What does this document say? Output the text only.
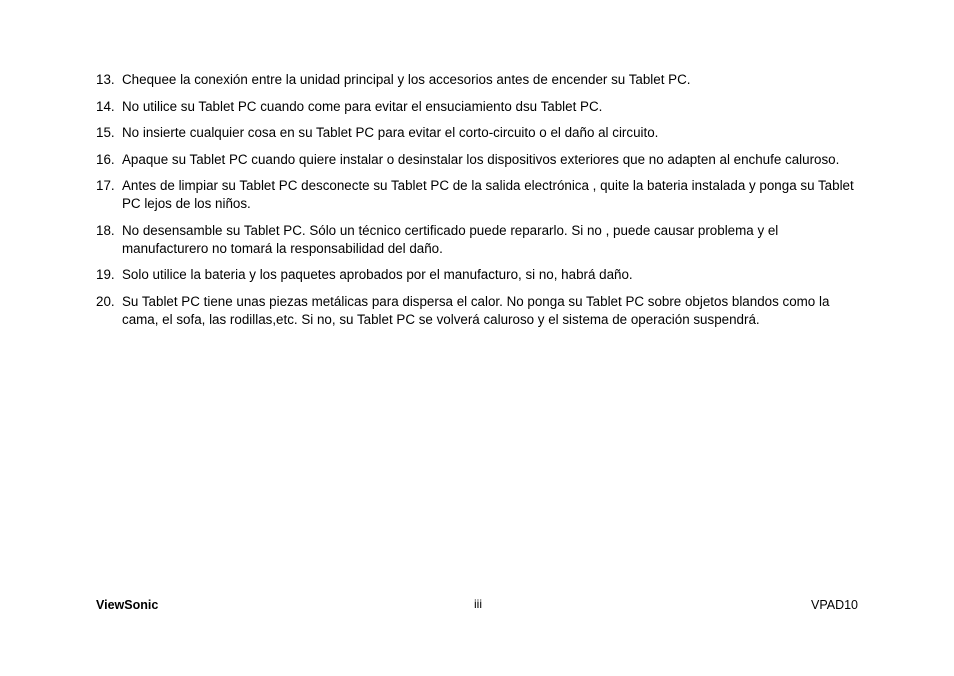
13. Chequee la conexión entre la unidad principal y los accesorios antes de encender su Tablet PC.
14. No utilice su Tablet PC cuando come para evitar el ensuciamiento dsu Tablet PC.
15. No insierte cualquier cosa en su Tablet PC para evitar el corto-circuito o el daño al circuito.
16. Apaque su Tablet PC cuando quiere instalar o desinstalar los dispositivos exteriores que no adapten al enchufe caluroso.
17. Antes de limpiar su Tablet PC desconecte su Tablet PC de la salida electrónica , quite la bateria instalada y ponga su Tablet PC lejos de los niños.
18. No desensamble su Tablet PC. Sólo un técnico certificado puede repararlo. Si no , puede causar problema y el manufacturero no tomará la responsabilidad del daño.
19. Solo utilice la bateria y los paquetes aprobados por el manufacturo, si no, habrá daño.
20. Su Tablet PC tiene unas piezas metálicas para dispersa el calor. No ponga su Tablet PC sobre objetos blandos como la cama, el sofa, las rodillas,etc. Si no, su Tablet PC se volverá caluroso y el sistema de operación suspendrá.
ViewSonic	iii	VPAD10
